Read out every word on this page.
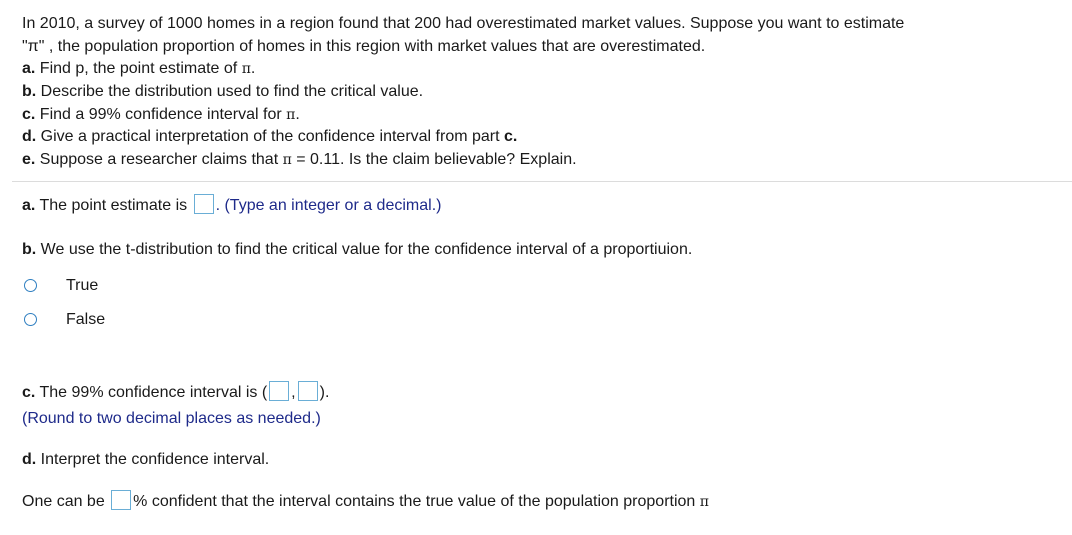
In 2010, a survey of 1000 homes in a region found that 200 had overestimated market values. Suppose you want to estimate
"π" , the population proportion of homes in this region with market values that are overestimated.
a. Find p, the point estimate of π.
b. Describe the distribution used to find the critical value.
c. Find a 99% confidence interval for π.
d. Give a practical interpretation of the confidence interval from part c.
e. Suppose a researcher claims that π = 0.11. Is the claim believable? Explain.
a. The point estimate is . (Type an integer or a decimal.)
b. We use the t-distribution to find the critical value for the confidence interval of a proportiuion.
True
False
c. The 99% confidence interval is ( , ).
(Round to two decimal places as needed.)
d. Interpret the confidence interval.
One can be % confident that the interval contains the true value of the population proportion π
